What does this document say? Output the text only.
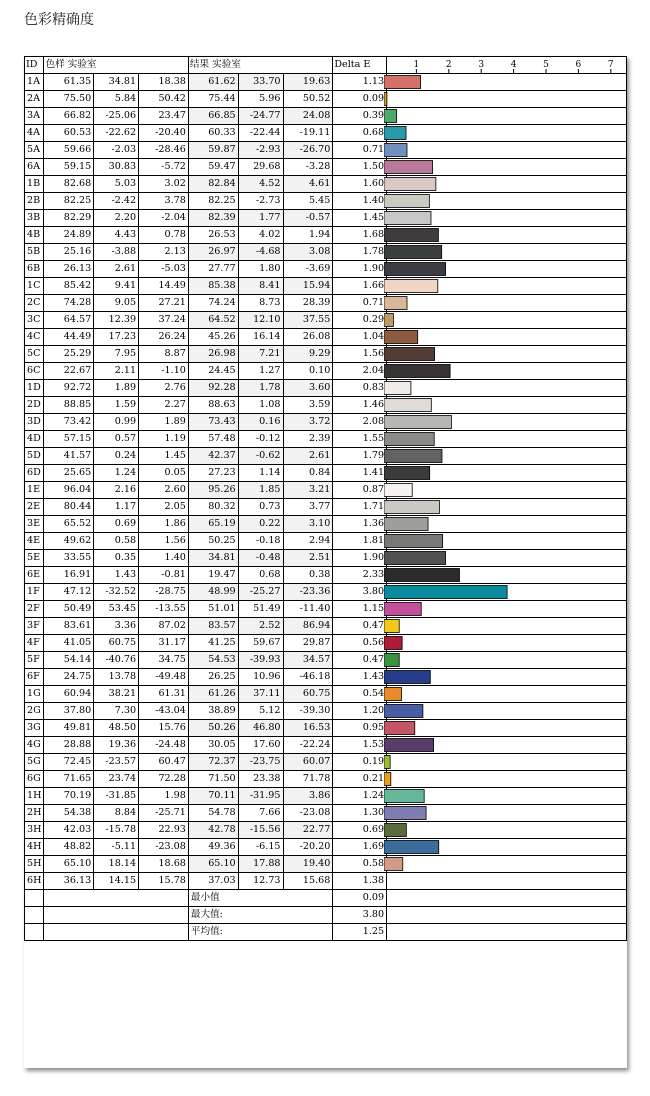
色彩精确度
ID	色样 实验室			结果 实验室			Delta E	
1A	61.35	34.81	18.38	61.62	33.70	19.63	1.13	
2A	75.50	5.84	50.42	75.44	5.96	50.52	0.09	
3A	66.82	-25.06	23.47	66.85	-24.77	24.08	0.39	
4A	60.53	-22.62	-20.40	60.33	-22.44	-19.11	0.68	
5A	59.66	-2.03	-28.46	59.87	-2.93	-26.70	0.71	
6A	59.15	30.83	-5.72	59.47	29.68	-3.28	1.50	
1B	82.68	5.03	3.02	82.84	4.52	4.61	1.60	
2B	82.25	-2.42	3.78	82.25	-2.73	5.45	1.40	
3B	82.29	2.20	-2.04	82.39	1.77	-0.57	1.45	
4B	24.89	4.43	0.78	26.53	4.02	1.94	1.68	
5B	25.16	-3.88	2.13	26.97	-4.68	3.08	1.78	
6B	26.13	2.61	-5.03	27.77	1.80	-3.69	1.90	
1C	85.42	9.41	14.49	85.38	8.41	15.94	1.66	
2C	74.28	9.05	27.21	74.24	8.73	28.39	0.71	
3C	64.57	12.39	37.24	64.52	12.10	37.55	0.29	
4C	44.49	17.23	26.24	45.26	16.14	26.08	1.04	
5C	25.29	7.95	8.87	26.98	7.21	9.29	1.56	
6C	22.67	2.11	-1.10	24.45	1.27	0.10	2.04	
1D	92.72	1.89	2.76	92.28	1.78	3.60	0.83	
2D	88.85	1.59	2.27	88.63	1.08	3.59	1.46	
3D	73.42	0.99	1.89	73.43	0.16	3.72	2.08	
4D	57.15	0.57	1.19	57.48	-0.12	2.39	1.55	
5D	41.57	0.24	1.45	42.37	-0.62	2.61	1.79	
6D	25.65	1.24	0.05	27.23	1.14	0.84	1.41	
1E	96.04	2.16	2.60	95.26	1.85	3.21	0.87	
2E	80.44	1.17	2.05	80.32	0.73	3.77	1.71	
3E	65.52	0.69	1.86	65.19	0.22	3.10	1.36	
4E	49.62	0.58	1.56	50.25	-0.18	2.94	1.81	
5E	33.55	0.35	1.40	34.81	-0.48	2.51	1.90	
6E	16.91	1.43	-0.81	19.47	0.68	0.38	2.33	
1F	47.12	-32.52	-28.75	48.99	-25.27	-23.36	3.80	
2F	50.49	53.45	-13.55	51.01	51.49	-11.40	1.15	
3F	83.61	3.36	87.02	83.57	2.52	86.94	0.47	
4F	41.05	60.75	31.17	41.25	59.67	29.87	0.56	
5F	54.14	-40.76	34.75	54.53	-39.93	34.57	0.47	
6F	24.75	13.78	-49.48	26.25	10.96	-46.18	1.43	
1G	60.94	38.21	61.31	61.26	37.11	60.75	0.54	
2G	37.80	7.30	-43.04	38.89	5.12	-39.30	1.20	
3G	49.81	48.50	15.76	50.26	46.80	16.53	0.95	
4G	28.88	19.36	-24.48	30.05	17.60	-22.24	1.53	
5G	72.45	-23.57	60.47	72.37	-23.75	60.07	0.19	
6G	71.65	23.74	72.28	71.50	23.38	71.78	0.21	
1H	70.19	-31.85	1.98	70.11	-31.95	3.86	1.24	
2H	54.38	8.84	-25.71	54.78	7.66	-23.08	1.30	
3H	42.03	-15.78	22.93	42.78	-15.56	22.77	0.69	
4H	48.82	-5.11	-23.08	49.36	-6.15	-20.20	1.69	
5H	65.10	18.14	18.68	65.10	17.88	19.40	0.58	
6H	36.13	14.15	15.78	37.03	12.73	15.68	1.38	
				最小值			0.09	
				最大值:			3.80	
				平均值:			1.25	
1	2	3	4	5	6	7
